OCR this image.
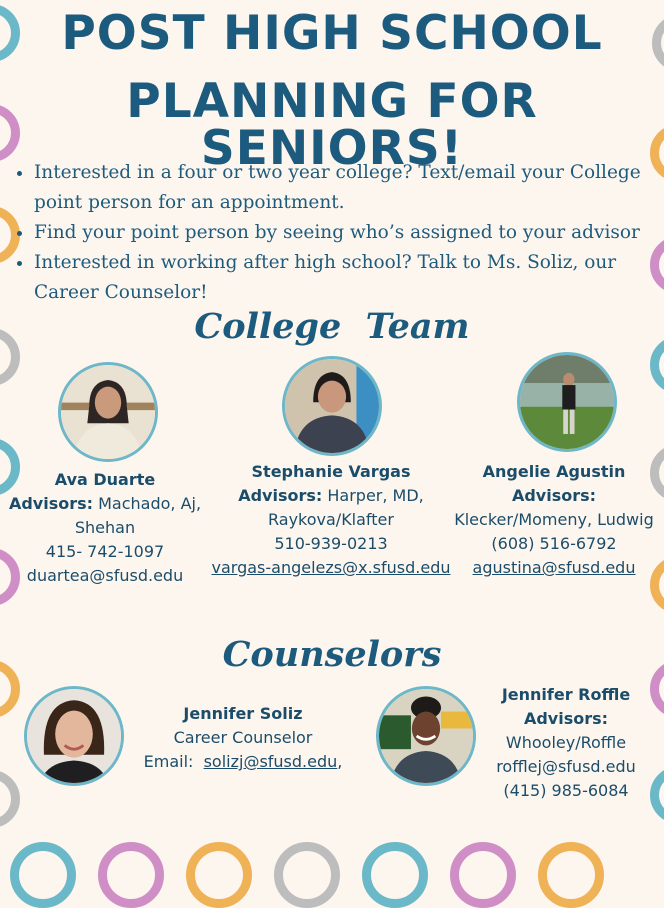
POST HIGH SCHOOL
PLANNING FOR SENIORS!
• Interested in a four or two year college? Text/email your College
point person for an appointment.
• Find your point person by seeing who’s assigned to your advisor
• Interested in working after high school? Talk to Ms. Soliz, our
Career Counselor!
College  Team
Ava Duarte
Advisors: Machado, Aj,
Shehan
415- 742-1097
duartea@sfusd.edu
Stephanie Vargas
Advisors: Harper, MD,
Raykova/Klafter
510-939-0213
vargas-angelezs@x.sfusd.edu
Angelie Agustin
Advisors:
Klecker/Momeny, Ludwig
(608) 516-6792
agustina@sfusd.edu
Counselors
Jennifer Soliz
Career Counselor
Email:  solizj@sfusd.edu,
Jennifer Roffle
Advisors:
Whooley/Roffle
rofflej@sfusd.edu
(415) 985-6084
